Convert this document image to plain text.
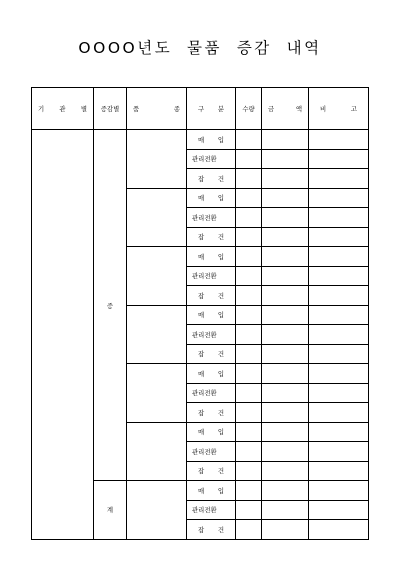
OOOO년도  물품  증감  내역

기 관 별	증감별	품 종	구 분	수량	금 액	비 고

	증		매 입			

			관리전환			

			잡 건			

			매 입			

			관리전환			

			잡 건			

			매 입			

			관리전환			

			잡 건			

			매 입			

			관리전환			

			잡 건			

			매 입			

			관리전환			

			잡 건			

			매 입			

			관리전환			

			잡 건			

	계		매 입			

			관리전환			

			잡 건			
